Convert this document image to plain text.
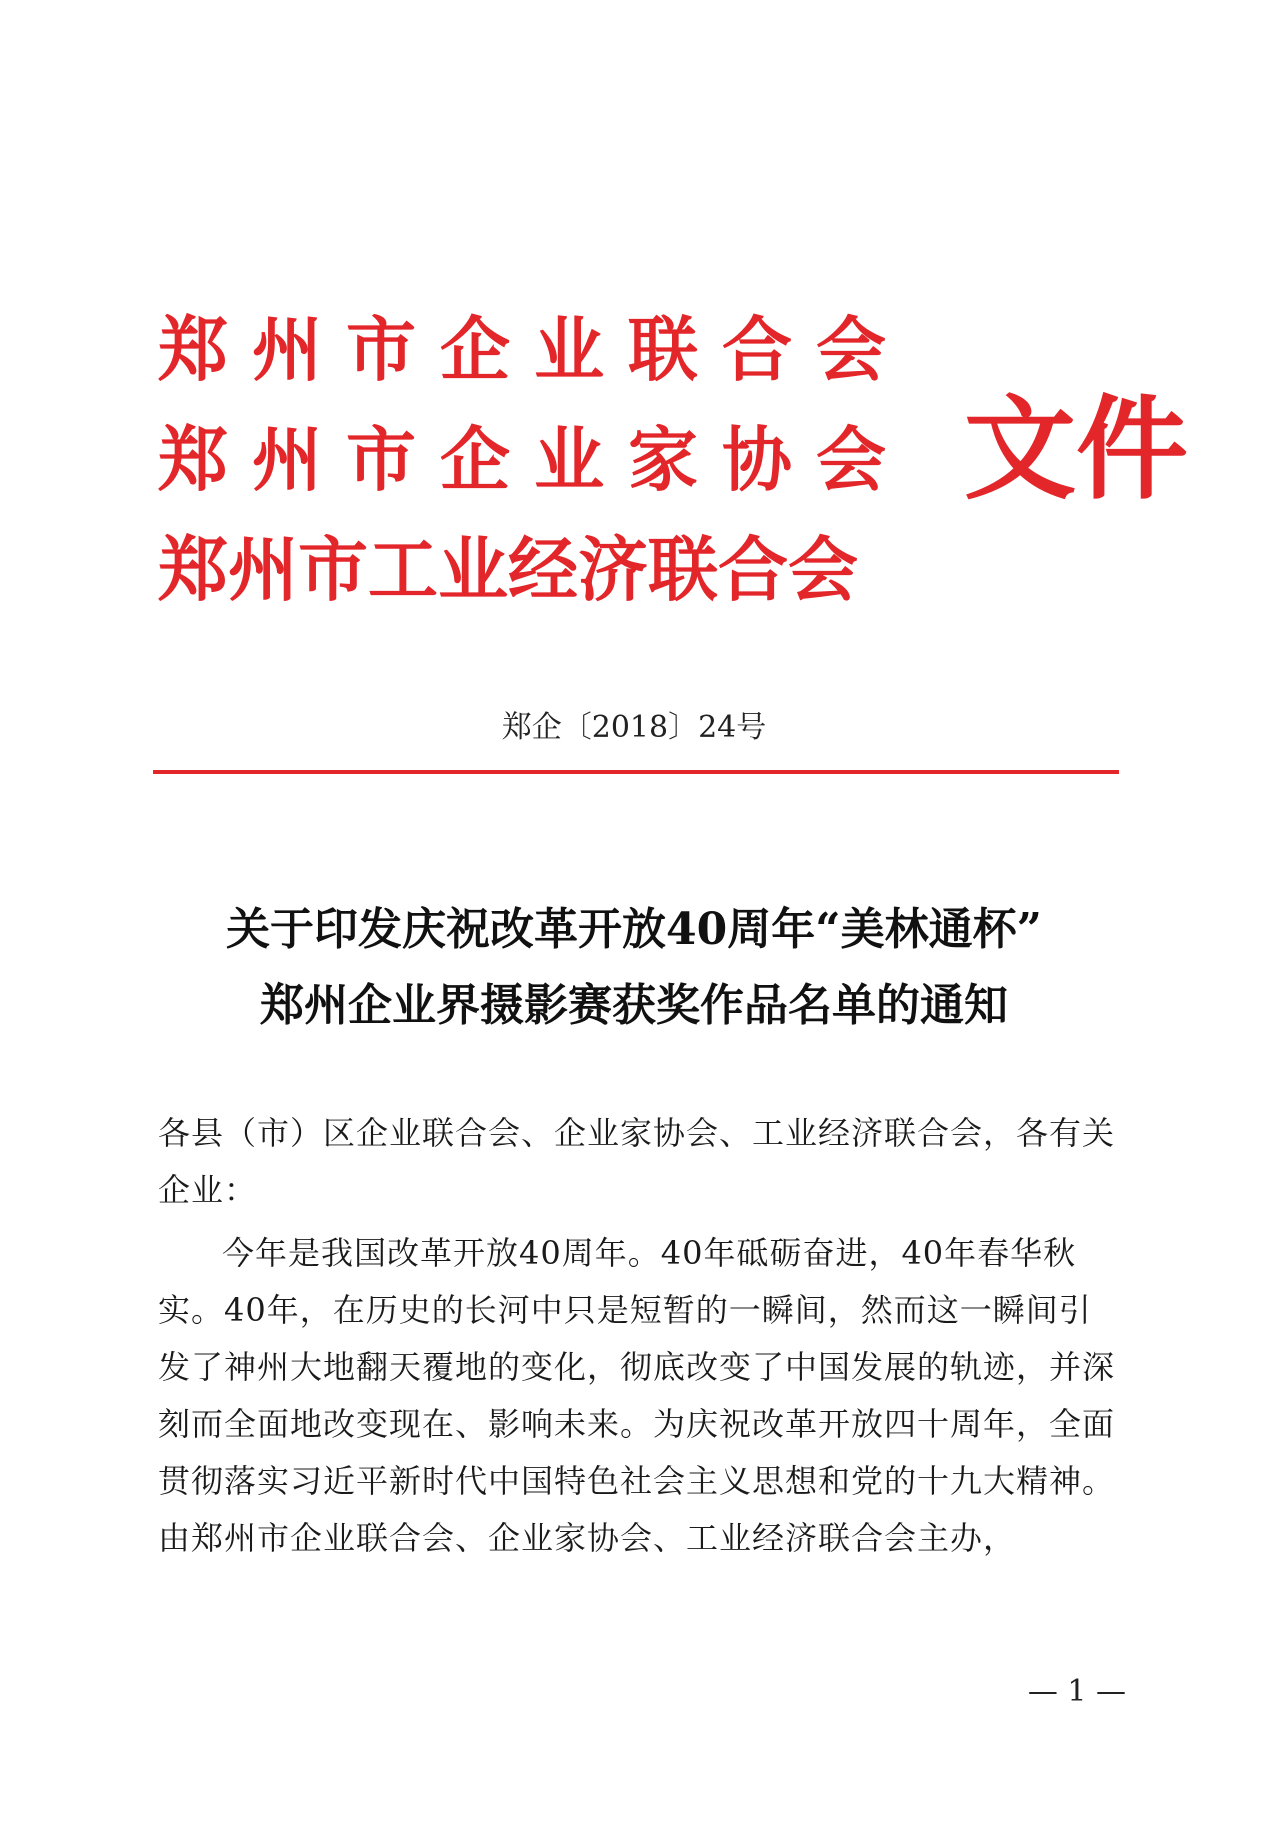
郑州市企业联合会
郑州市企业家协会
郑州市工业经济联合会
文件
郑企〔2018〕24号
关于印发庆祝改革开放40周年“美林通杯”
郑州企业界摄影赛获奖作品名单的通知
各县（市）区企业联合会、企业家协会、工业经济联合会，各有关企业：
今年是我国改革开放40周年。40年砥砺奋进，40年春华秋实。40年，在历史的长河中只是短暂的一瞬间，然而这一瞬间引发了神州大地翻天覆地的变化，彻底改变了中国发展的轨迹，并深刻而全面地改变现在、影响未来。为庆祝改革开放四十周年，全面贯彻落实习近平新时代中国特色社会主义思想和党的十九大精神。由郑州市企业联合会、企业家协会、工业经济联合会主办，
— 1 —
